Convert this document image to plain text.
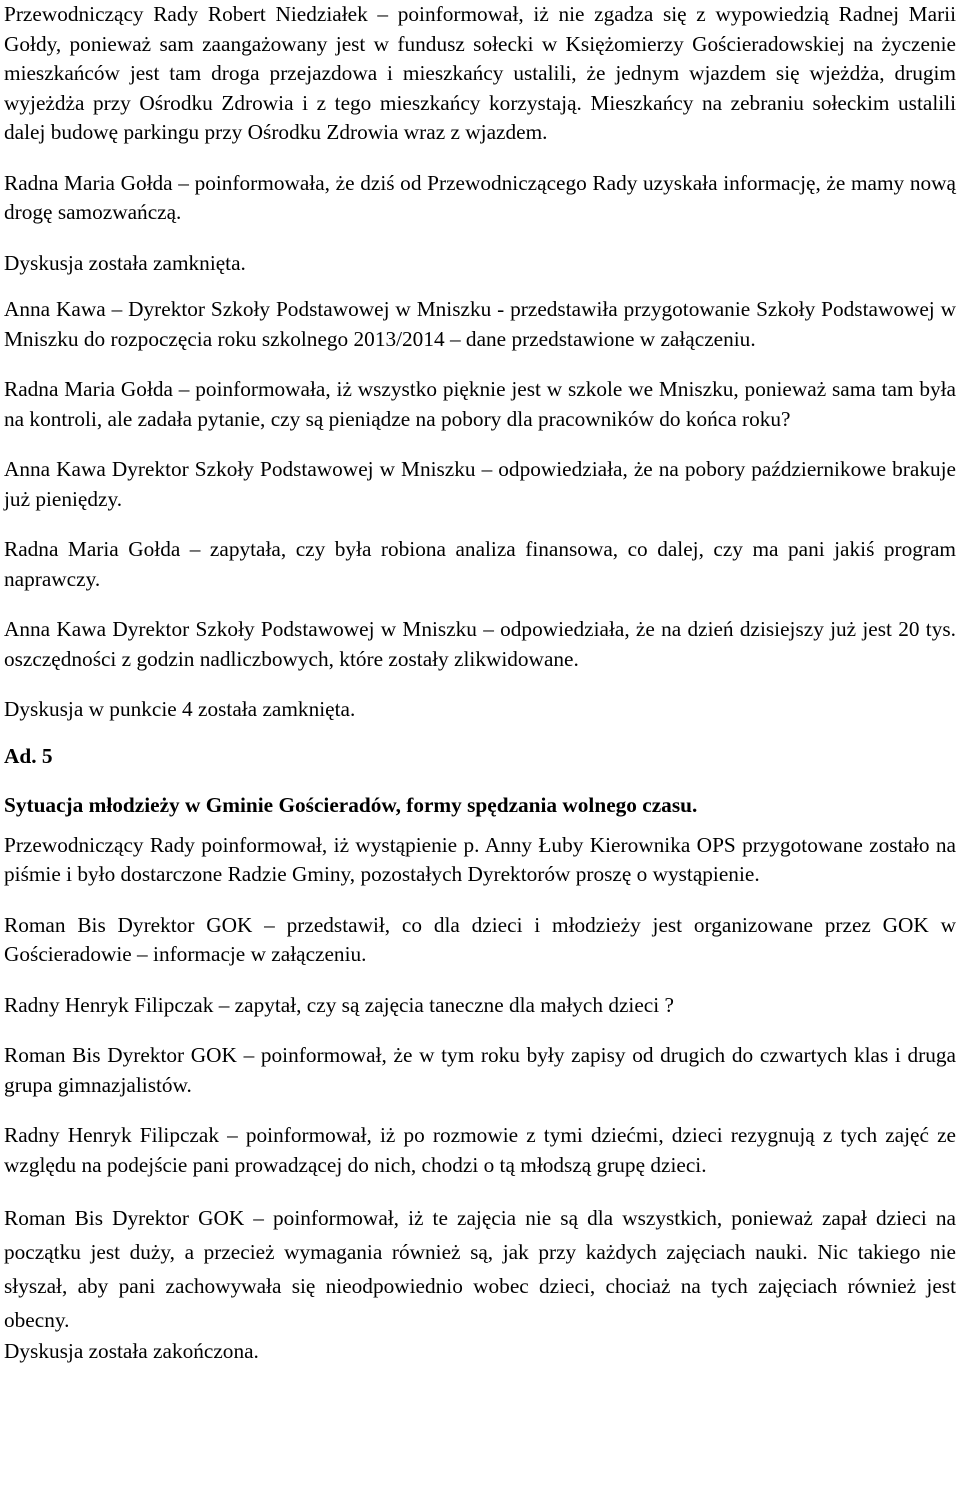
Przewodniczący Rady Robert Niedziałek – poinformował, iż nie zgadza się z wypowiedzią Radnej Marii Gołdy, ponieważ sam zaangażowany jest w fundusz sołecki w Księżomierzy Gościeradowskiej na życzenie mieszkańców jest tam droga przejazdowa i mieszkańcy ustalili, że jednym wjazdem się wjeżdża, drugim wyjeżdża przy Ośrodku Zdrowia i z tego mieszkańcy korzystają. Mieszkańcy na zebraniu sołeckim ustalili dalej budowę parkingu przy Ośrodku Zdrowia wraz z wjazdem.

Radna Maria Gołda – poinformowała, że dziś od Przewodniczącego Rady uzyskała informację, że mamy nową drogę samozwańczą.

Dyskusja została zamknięta.

Anna Kawa – Dyrektor Szkoły Podstawowej w Mniszku - przedstawiła przygotowanie Szkoły Podstawowej w Mniszku do rozpoczęcia roku szkolnego 2013/2014 – dane przedstawione w załączeniu.

Radna Maria Gołda – poinformowała, iż wszystko pięknie jest w szkole we Mniszku, ponieważ sama tam była na kontroli, ale zadała pytanie, czy są pieniądze na pobory dla pracowników do końca roku?

Anna Kawa Dyrektor Szkoły Podstawowej w Mniszku – odpowiedziała, że na pobory październikowe brakuje już pieniędzy.

Radna Maria Gołda – zapytała, czy była robiona analiza finansowa, co dalej, czy ma pani jakiś program naprawczy.

Anna Kawa Dyrektor Szkoły Podstawowej w Mniszku – odpowiedziała, że na dzień dzisiejszy już jest 20 tys. oszczędności z godzin nadliczbowych, które zostały zlikwidowane.

Dyskusja w punkcie 4 została zamknięta.

Ad. 5

Sytuacja młodzieży w Gminie Gościeradów, formy spędzania wolnego czasu.

Przewodniczący Rady poinformował, iż wystąpienie p. Anny Łuby Kierownika OPS przygotowane zostało na piśmie i było dostarczone Radzie Gminy, pozostałych Dyrektorów proszę o wystąpienie.

Roman Bis Dyrektor GOK – przedstawił, co dla dzieci i młodzieży jest organizowane przez GOK w Gościeradowie – informacje w załączeniu.

Radny Henryk Filipczak – zapytał, czy są zajęcia taneczne dla małych dzieci ?

Roman Bis Dyrektor GOK – poinformował, że w tym roku były zapisy od drugich do czwartych klas i druga grupa gimnazjalistów.

Radny Henryk Filipczak – poinformował, iż po rozmowie z tymi dziećmi, dzieci rezygnują z tych zajęć ze względu na podejście pani prowadzącej do nich, chodzi o tą młodszą grupę dzieci.

Roman Bis Dyrektor GOK – poinformował, iż te zajęcia nie są dla wszystkich, ponieważ zapał dzieci na początku jest duży, a przecież wymagania również są, jak przy każdych zajęciach nauki. Nic takiego nie słyszał, aby pani zachowywała się nieodpowiednio wobec dzieci, chociaż na tych zajęciach również jest obecny.

Dyskusja została zakończona.
